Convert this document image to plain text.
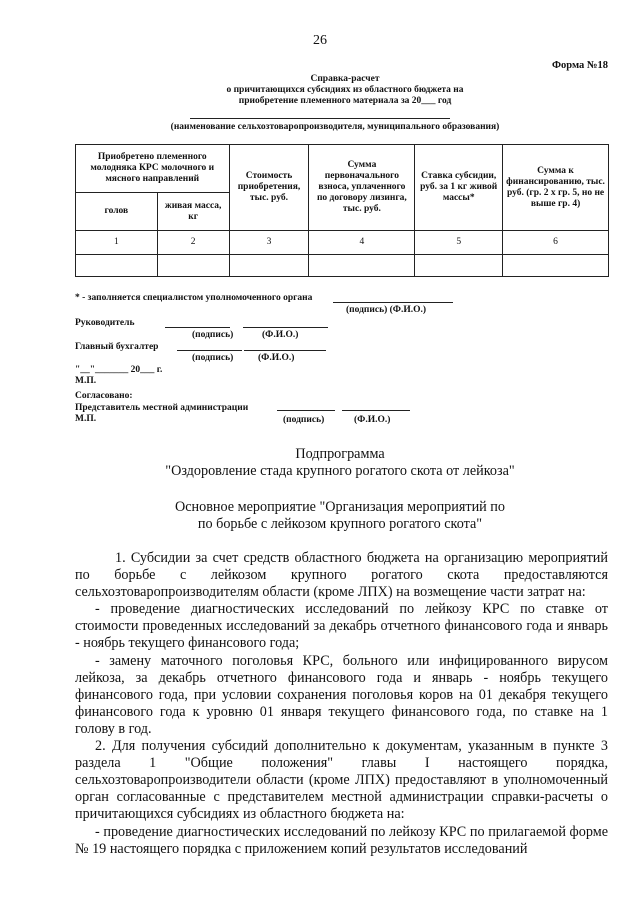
26
Форма №18
Справка-расчет
о причитающихся субсидиях из областного бюджета на
приобретение племенного материала за 20___ год
(наименование сельхозтоваропроизводителя, муниципального образования)
Приобретено племенного молодняка КРС молочного и мясного направлений		Стоимость приобретения, тыс. руб.	Сумма первоначального взноса, уплаченного по договору лизинга, тыс. руб.	Ставка субсидии, руб. за 1 кг живой массы*	Сумма к финансированию, тыс. руб. (гр. 2 x гр. 5, но не выше гр. 4)
голов	живая масса, кг				
1	2	3	4	5	6

* - заполняется специалистом уполномоченного органа
(подпись) (Ф.И.О.)
Руководитель
(подпись)	(Ф.И.О.)
Главный бухгалтер
(подпись)	(Ф.И.О.)
"__"_______ 20___ г.
М.П.
Согласовано:
Представитель местной администрации
М.П.	(подпись)	(Ф.И.О.)
Подпрограмма
"Оздоровление стада крупного рогатого скота от лейкоза"
Основное мероприятие "Организация мероприятий по
по борьбе с лейкозом крупного рогатого скота"

1. Субсидии за счет средств областного бюджета на организацию мероприятий по борьбе с лейкозом крупного рогатого скота предоставляются сельхозтоваропроизводителям области (кроме ЛПХ) на возмещение части затрат на:

- проведение диагностических исследований по лейкозу КРС по ставке от стоимости проведенных исследований за декабрь отчетного финансового года и январь - ноябрь текущего финансового года;

- замену маточного поголовья КРС, больного или инфицированного вирусом лейкоза, за декабрь отчетного финансового года и январь - ноябрь текущего финансового года, при условии сохранения поголовья коров на 01 декабря текущего финансового года к уровню 01 января текущего финансового года, по ставке на 1 голову в год.

2. Для получения субсидий дополнительно к документам, указанным в пункте 3 раздела 1 "Общие положения" главы I настоящего порядка, сельхозтоваропроизводители области (кроме ЛПХ) предоставляют в уполномоченный орган согласованные с представителем местной администрации справки-расчеты о причитающихся субсидиях из областного бюджета на:

- проведение диагностических исследований по лейкозу КРС по прилагаемой форме № 19 настоящего порядка с приложением копий результатов исследований
